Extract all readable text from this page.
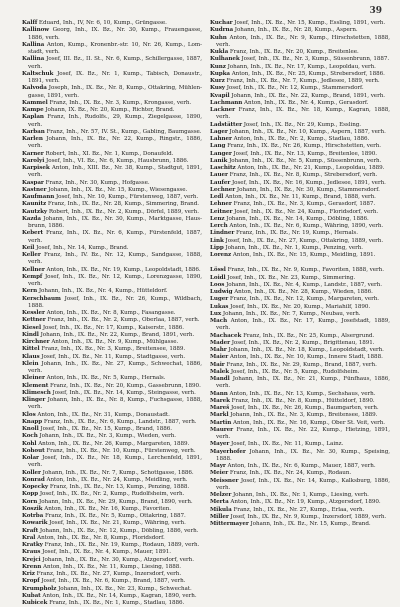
39

Kalff Eduard, Inh., IV, Nr. 6, 10, Kump., Grüngasse.

Kallinow Georg, Inh., IX. Bz., Nr. 30, Kump., Frauengasse, 1886, verh.

Kallina Anton, Kump., Kronenbr.-str. 10, Nr. 26, Kump., Lomstadt, verh.

Kallina Josef, III. Bz., II. St., Nr. 6, Kump., Schillergasse, 1887, verh.

Kaltschuk Josef, IX. Bz., Nr. 1, Kump., Tabisch, Donaustr., 1891, verh.

Kalvoda Joseph, Inh., IX. Bz., Nr. 8, Kump., Ottakring, Mühlengasse, 1891, verh.

Kammel Franz, Inh., IX. Bz., Nr. 3, Kump., Krongasse, verh.

Kampe Johann, IX. Bz., Nr. 20, Kump., Richter, Brand.

Kaplan Franz, Inh., Rudolfs., 29, Kump., Ziegelgasse, 1890, verh.

Karban Franz, Inh., Nr. 57, IV. St., Kump., Gabling, Baumgasse.

Karlen Johann, Inh., IX. Bz., Nr. 22, Kump., Ringstr., 1886, verh.

Karner Robert, Inh., XI. Bz., Nr. 1, Kump., Donaufeld.

Karolyi Josef, Inh., VI. Bz., Nr. 6, Kump., Hausbrunn, 1886.

Karpisek Anton, Inh., XIII. Bz., Nr. 38, Kump., Stadtgut, 1891, verh.

Kaspar Franz, Inh., Nr. 30, Kump., Hofgasse.

Kastner Johann, Inh., IX. Bz., Nr. 15, Kump., Wiesengasse.

Kaufmann Josef, Inh., Nr. 10, Kump., Fürstenweg, 1887, verh.

Kaunitz Franz, Inh., IX. Bz., Nr. 28, Kump., Simmering, Brand.

Kautzky Robert, Inh., IX. Bz., Nr. 2, Kump., Dörfel, 1889, verh.

Kazda Johann, Inh., IX. Bz., Nr. 30, Kump., Marktgasse, Hausbrunn, 1886.

Kebert Franz, Inh., IX. Bz., Nr. 6, Kump., Fürstenfeld, 1887, verh.

Keil Josef, Inh., Nr. 14, Kump., Brand.

Keller Franz, Inh., IV. Bz., Nr. 12, Kump., Sandgasse, 1888, verh.

Kellner Anton, Inh., IX. Bz., Nr. 19, Kump., Leopoldstadt, 1886.

Kempf Josef, Inh., IX. Bz., Nr. 12, Kump., Lorenzgasse, 1890, verh.

Kern Johann, Inh., IX. Bz., Nr. 4, Kump., Hütteldorf.

Kerschbaum Josef, Inh., IX. Bz., Nr. 26, Kump., Wildbach, 1888.

Kessler Anton, Inh., IX. Bz., Nr. 8, Kump., Fasangasse.

Kettner Franz, Inh., IX. Bz., Nr. 2, Kump., Oberlaa, 1887, verh.

Kiesel Josef, Inh., IX. Bz., Nr. 17, Kump., Kaiserstr., 1886.

Kindl Johann, Inh., IX. Bz., Nr. 22, Kump., Brand, 1891, verh.

Kirchner Anton, Inh., IX. Bz., Nr. 9, Kump., Mühlgasse.

Kittel Franz, Inh., IX. Bz., Nr. 3, Kump., Breitensee, 1889.

Klaus Josef, Inh., IX. Bz., Nr. 11, Kump., Stadtgasse, verh.

Klein Johann, Inh., IX. Bz., Nr. 27, Kump., Schwechat, 1886, verh.

Kleiner Anton, Inh., IX. Bz., Nr. 5, Kump., Hernals.

Klement Franz, Inh., IX. Bz., Nr. 20, Kump., Gassebrunn, 1890.

Klimesch Josef, Inh., IX. Bz., Nr. 14, Kump., Steingasse, verh.

Klinger Johann, Inh., IX. Bz., Nr. 8, Kump., Fuchsgasse, 1888, verh.

Klos Anton, Inh., IX. Bz., Nr. 31, Kump., Donaustadt.

Knapp Franz, Inh., IX. Bz., Nr. 6, Kump., Landstr., 1887, verh.

Knoll Josef, Inh., IX. Bz., Nr. 15, Kump., Brand, 1886.

Koch Johann, Inh., IX. Bz., Nr. 3, Kump., Wieden, verh.

Kohl Anton, Inh., IX. Bz., Nr. 26, Kump., Margareten, 1889.

Kohout Franz, Inh., IX. Bz., Nr. 10, Kump., Fürstenweg, verh.

Kolar Josef, Inh., IX. Bz., Nr. 18, Kump., Lerchenfeld, 1891, verh.

Koller Johann, Inh., IX. Bz., Nr. 7, Kump., Schottgasse, 1886.

Konrad Anton, Inh., IX. Bz., Nr. 24, Kump., Meidling, verh.

Kopecky Franz, Inh., IX. Bz., Nr. 13, Kump., Penzing, 1888.

Kopp Josef, Inh., IX. Bz., Nr. 2, Kump., Rudolfsheim, verh.

Korn Johann, Inh., IX. Bz., Nr. 29, Kump., Brand, 1890, verh.

Koszik Anton, Inh., IX. Bz., Nr. 16, Kump., Favoriten.

Kotrba Franz, Inh., IX. Bz., Nr. 5, Kump., Ottakring, 1887.

Kowarik Josef, Inh., IX. Bz., Nr. 21, Kump., Währing, verh.

Kraft Johann, Inh., IX. Bz., Nr. 12, Kump., Döbling, 1886, verh.

Kral Anton, Inh., IX. Bz., Nr. 8, Kump., Floridsdorf.

Kratky Franz, Inh., IX. Bz., Nr. 19, Kump., Rodaun, 1889, verh.

Kraus Josef, Inh., IX. Bz., Nr. 4, Kump., Mauer, 1891.

Krejci Johann, Inh., IX. Bz., Nr. 30, Kump., Atzgersdorf, verh.

Krenn Anton, Inh., IX. Bz., Nr. 11, Kump., Liesing, 1888.

Kriz Franz, Inh., IX. Bz., Nr. 27, Kump., Inzersdorf, verh.

Kropf Josef, Inh., IX. Bz., Nr. 6, Kump., Brand, 1887, verh.

Krumpholz Johann, Inh., IX. Bz., Nr. 23, Kump., Schwechat.

Kubat Anton, Inh., IX. Bz., Nr. 14, Kump., Kagran, 1890, verh.

Kubicek Franz, Inh., IX. Bz., Nr. 1, Kump., Stadlau, 1886.

Kuchar Josef, Inh., IX. Bz., Nr. 15, Kump., Essling, 1891, verh.

Kudrna Johann, Inh., IX. Bz., Nr. 28, Kump., Aspern.

Kuhn Anton, Inh., IX. Bz., Nr. 9, Kump., Hirschstetten, 1888, verh.

Kukla Franz, Inh., IX. Bz., Nr. 20, Kump., Breitenlee.

Kulhanek Josef, Inh., IX. Bz., Nr. 3, Kump., Süssenbrunn, 1887.

Kunz Johann, Inh., IX. Bz., Nr. 17, Kump., Leopoldau, verh.

Kupka Anton, Inh., IX. Bz., Nr. 25, Kump., Strebersdorf, 1886.

Kurz Franz, Inh., IX. Bz., Nr. 7, Kump., Jedlesee, 1889, verh.

Kusy Josef, Inh., IX. Bz., Nr. 12, Kump., Stammersdorf.

Kvapil Johann, Inh., IX. Bz., Nr. 22, Kump., Brand, 1891, verh.

Lachmann Anton, Inh., IX. Bz., Nr. 4, Kump., Gerasdorf.

Lackner Franz, Inh., IX. Bz., Nr. 18, Kump., Kagran, 1888, verh.

Ladstätter Josef, Inh., IX. Bz., Nr. 29, Kump., Essling.

Lager Johann, Inh., IX. Bz., Nr. 10, Kump., Aspern, 1887, verh.

Lahner Anton, Inh., IX. Bz., Nr. 2, Kump., Stadlau, 1886.

Lang Franz, Inh., IX. Bz., Nr. 26, Kump., Hirschstetten, verh.

Langer Josef, Inh., IX. Bz., Nr. 13, Kump., Breitenlee, 1890.

Lanik Johann, Inh., IX. Bz., Nr. 5, Kump., Süssenbrunn, verh.

Laschitz Anton, Inh., IX. Bz., Nr. 21, Kump., Leopoldau, 1889.

Lauer Franz, Inh., IX. Bz., Nr. 8, Kump., Strebersdorf, verh.

Laufer Josef, Inh., IX. Bz., Nr. 16, Kump., Jedlesee, 1891, verh.

Lechner Johann, Inh., IX. Bz., Nr. 30, Kump., Stammersdorf.

Ledl Anton, Inh., IX. Bz., Nr. 11, Kump., Brand, 1888, verh.

Lehner Franz, Inh., IX. Bz., Nr. 3, Kump., Gerasdorf, 1887.

Leitner Josef, Inh., IX. Bz., Nr. 24, Kump., Floridsdorf, verh.

Lenz Johann, Inh., IX. Bz., Nr. 14, Kump., Döbling, 1886.

Lerch Anton, Inh., IX. Bz., Nr. 6, Kump., Währing, 1890, verh.

Lindner Franz, Inh., IX. Bz., Nr. 19, Kump., Hernals.

Link Josef, Inh., IX. Bz., Nr. 27, Kump., Ottakring, 1889, verh.

Lipp Johann, Inh., IX. Bz., Nr. 1, Kump., Penzing, verh.

Lorenz Anton, Inh., IX. Bz., Nr. 15, Kump., Meidling, 1891.

Lössl Franz, Inh., IX. Bz., Nr. 9, Kump., Favoriten, 1888, verh.

Loidl Josef, Inh., IX. Bz., Nr. 23, Kump., Simmering.

Loos Johann, Inh., IX. Bz., Nr. 4, Kump., Landstr., 1887, verh.

Ludwig Anton, Inh., IX. Bz., Nr. 28, Kump., Wieden, 1886.

Luger Franz, Inh., IX. Bz., Nr. 12, Kump., Margareten, verh.

Lukas Josef, Inh., IX. Bz., Nr. 20, Kump., Mariahilf, 1890.

Lux Johann, Inh., IX. Bz., Nr. 7, Kump., Neubau, verh.

Mach Anton, Inh., IX. Bz., Nr. 17, Kump., Josefstadt, 1889, verh.

Machacek Franz, Inh., IX. Bz., Nr. 25, Kump., Alsergrund.

Mader Josef, Inh., IX. Bz., Nr. 2, Kump., Brigittenau, 1891.

Mahr Johann, Inh., IX. Bz., Nr. 18, Kump., Leopoldstadt, verh.

Maier Anton, Inh., IX. Bz., Nr. 10, Kump., Innere Stadt, 1888.

Mair Franz, Inh., IX. Bz., Nr. 29, Kump., Brand, 1887, verh.

Malek Josef, Inh., IX. Bz., Nr. 5, Kump., Rudolfsheim.

Mandl Johann, Inh., IX. Bz., Nr. 21, Kump., Fünfhaus, 1886, verh.

Mann Anton, Inh., IX. Bz., Nr. 13, Kump., Sechshaus, verh.

Marek Franz, Inh., IX. Bz., Nr. 8, Kump., Hütteldorf, 1890.

Mareš Josef, Inh., IX. Bz., Nr. 26, Kump., Baumgarten, verh.

Markl Johann, Inh., IX. Bz., Nr. 3, Kump., Breitensee, 1889.

Martin Anton, Inh., IX. Bz., Nr. 16, Kump., Ober St. Veit, verh.

Maurer Franz, Inh., IX. Bz., Nr. 22, Kump., Hietzing, 1891, verh.

Mayer Josef, Inh., IX. Bz., Nr. 11, Kump., Lainz.

Mayerhofer Johann, Inh., IX. Bz., Nr. 30, Kump., Speising, 1888.

Mayr Anton, Inh., IX. Bz., Nr. 6, Kump., Mauer, 1887, verh.

Meier Franz, Inh., IX. Bz., Nr. 24, Kump., Rodaun.

Meissner Josef, Inh., IX. Bz., Nr. 14, Kump., Kalksburg, 1886, verh.

Melzer Johann, Inh., IX. Bz., Nr. 1, Kump., Liesing, verh.

Merta Anton, Inh., IX. Bz., Nr. 19, Kump., Atzgersdorf, 1890.

Mikula Franz, Inh., IX. Bz., Nr. 27, Kump., Erlaa, verh.

Miller Josef, Inh., IX. Bz., Nr. 9, Kump., Inzersdorf, 1889, verh.

Mittermayer Johann, Inh., IX. Bz., Nr. 15, Kump., Brand.
